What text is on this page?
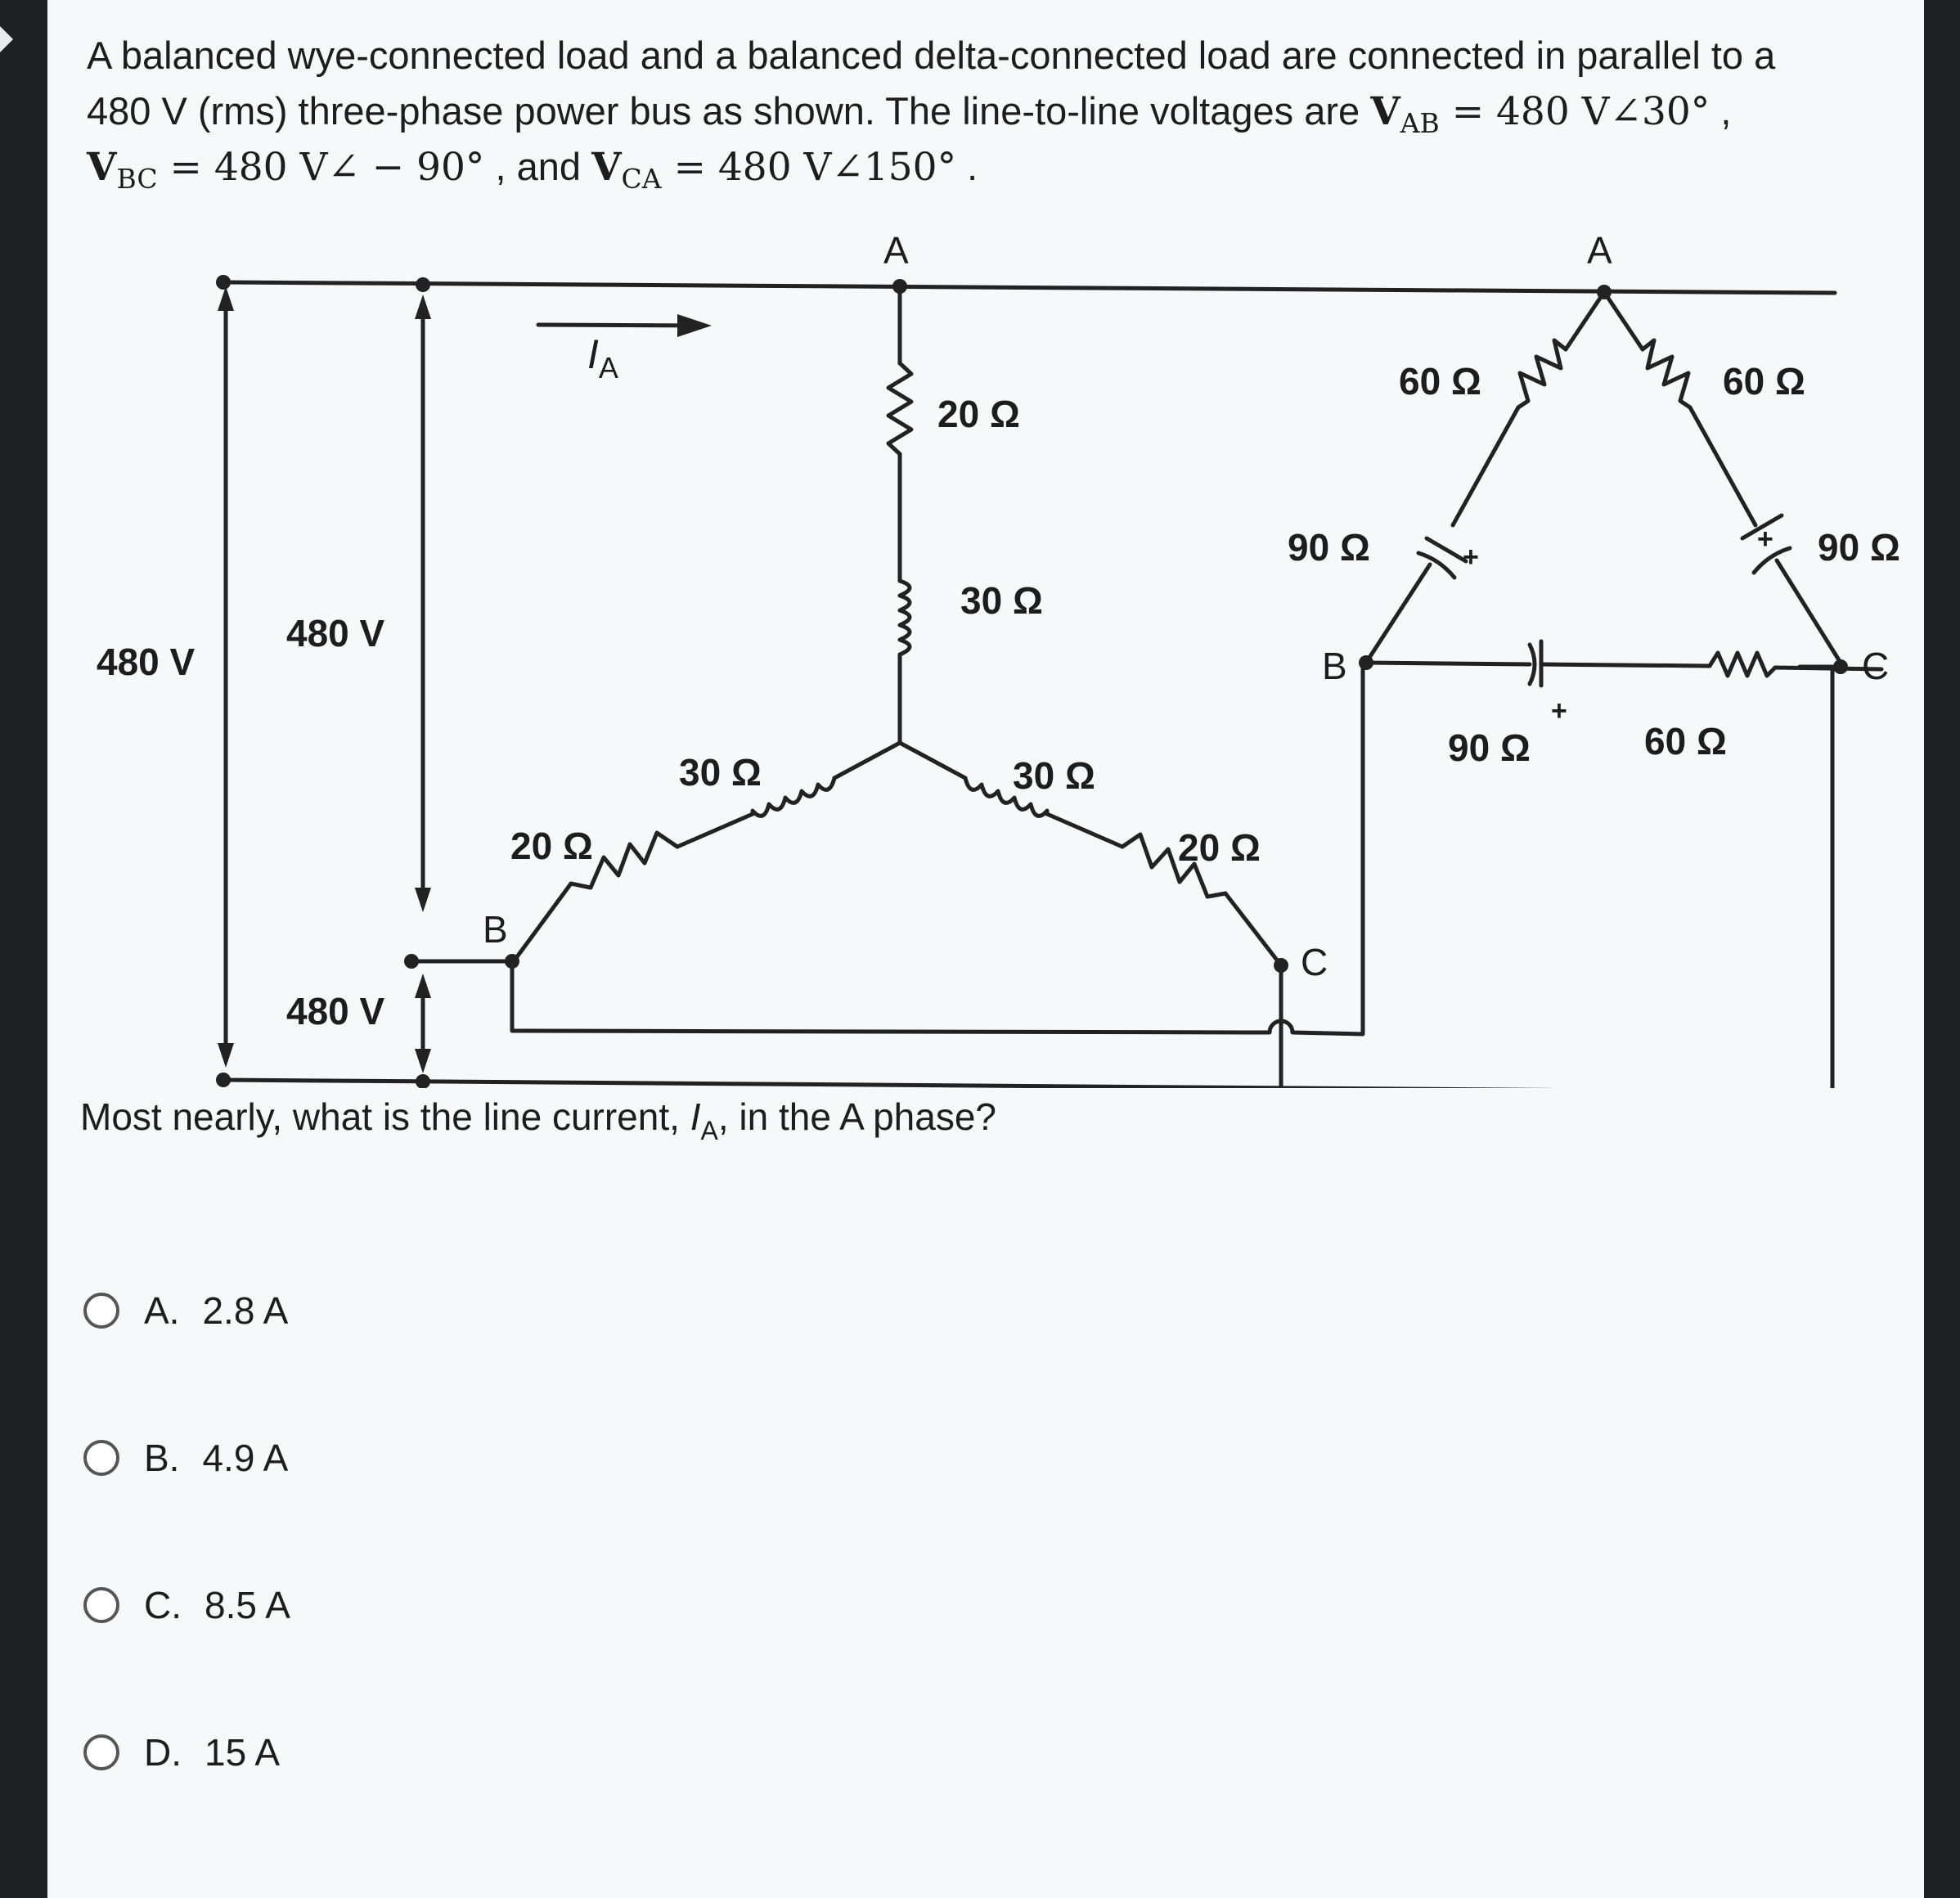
A balanced wye-connected load and a balanced delta-connected load are connected in parallel to a
480 V (rms) three-phase power bus as shown. The line-to-line voltages are $V_{AB} = 480$ V∠30° ,
$V_{BC} = 480$ V∠ − 90° , and $V_{CA} = 480$ V∠150° .
480 V
480 V
480 V
$I_A$
A
B
C
20 Ω
30 Ω
30 Ω
20 Ω
30 Ω
20 Ω
A
B	C
60 Ω	60 Ω
90 Ω	90 Ω
90 Ω	60 Ω
+
+
+
Most nearly, what is the line current, $I_A$, in the A phase?
A. 2.8 A
B. 4.9 A
C. 8.5 A
D. 15 A
